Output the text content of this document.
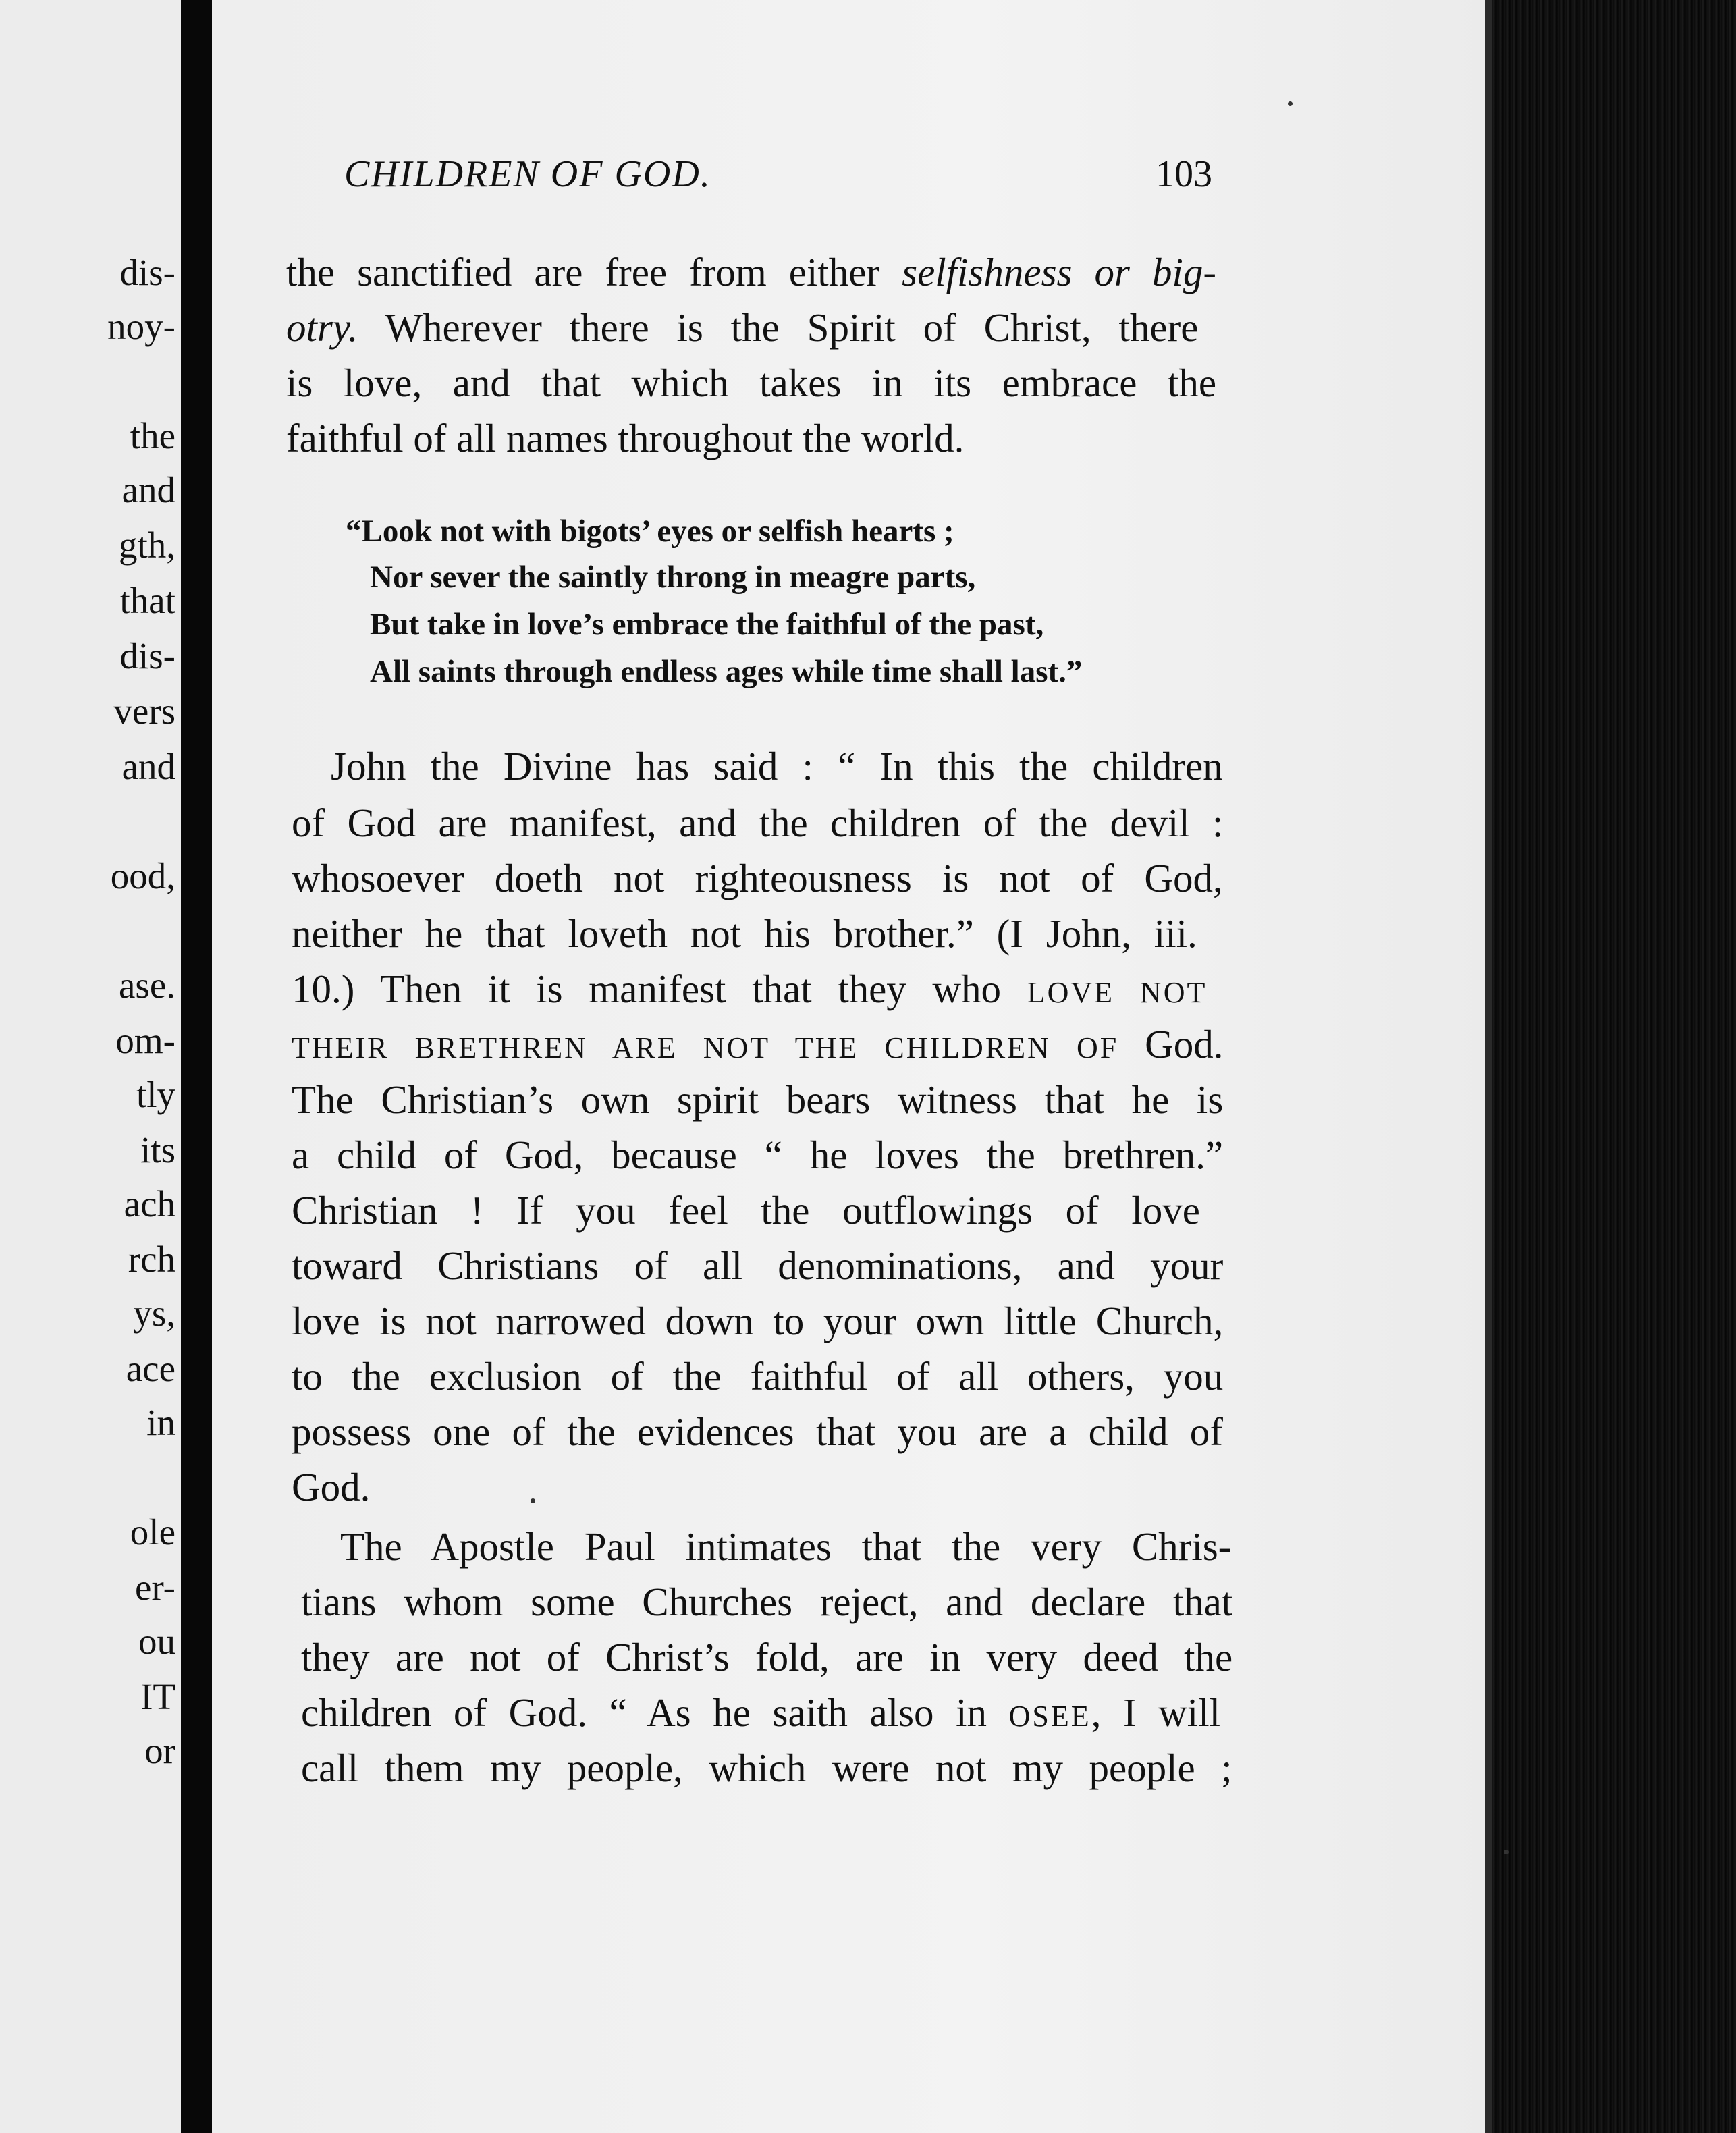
dis-
noy-
the
and
gth,
that
dis-
vers
and
ood,
ase.
om-
tly
its
ach
rch
ys,
ace
in
ole
er-
ou
IT
or
CHILDREN OF GOD.	103
the sanctified are free from either selfishness or big-
otry. Wherever there is the Spirit of Christ, there
is love, and that which takes in its embrace the
faithful of all names throughout the world.
“Look not with bigots’ eyes or selfish hearts ;
Nor sever the saintly throng in meagre parts,
But take in love’s embrace the faithful of the past,
All saints through endless ages while time shall last.”
John the Divine has said : “ In this the children
of God are manifest, and the children of the devil :
whosoever doeth not righteousness is not of God,
neither he that loveth not his brother.” (I John, iii.
10.) Then it is manifest that they who LOVE NOT
THEIR BRETHREN ARE NOT THE CHILDREN OF God.
The Christian’s own spirit bears witness that he is
a child of God, because “ he loves the brethren.”
Christian ! If you feel the outflowings of love
toward Christians of all denominations, and your
love is not narrowed down to your own little Church,
to the exclusion of the faithful of all others, you
possess one of the evidences that you are a child of
God.
The Apostle Paul intimates that the very Chris-
tians whom some Churches reject, and declare that
they are not of Christ’s fold, are in very deed the
children of God. “ As he saith also in OSEE, I will
call them my people, which were not my people ;
